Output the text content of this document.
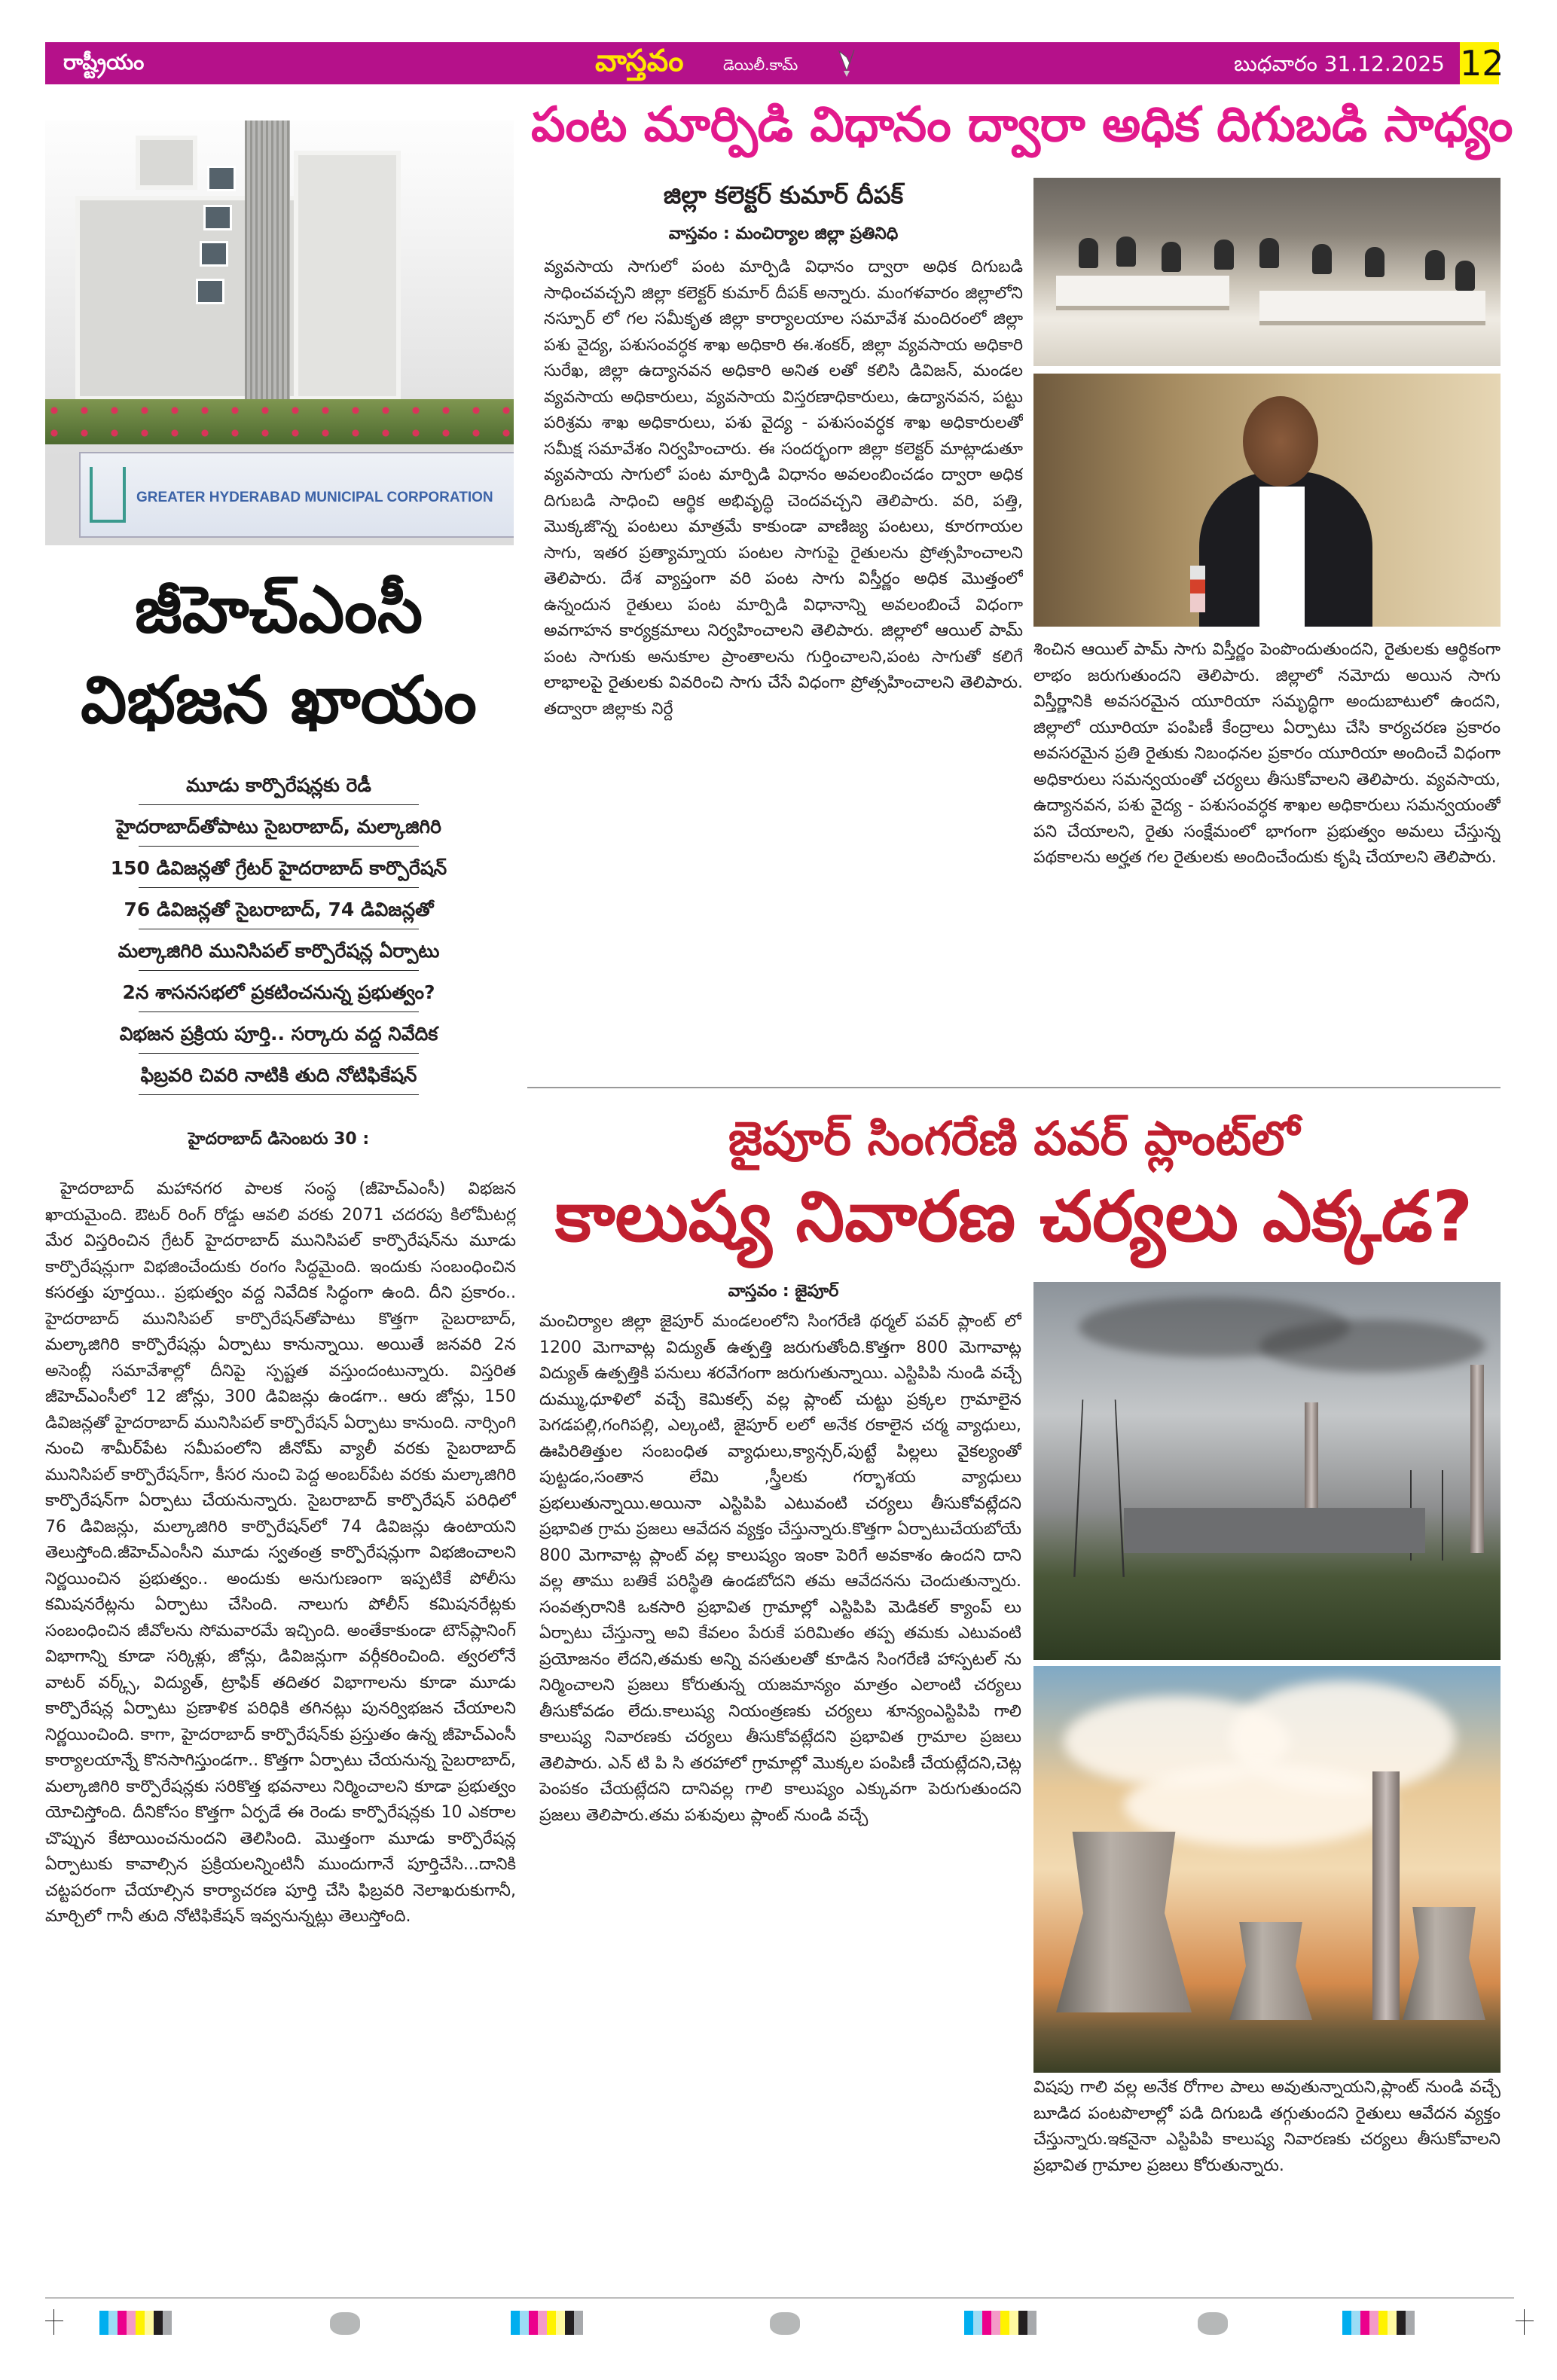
రాష్ట్రీయం	వాస్తవం	డెయిలీ.కామ్	బుధవారం 31.12.2025 12
పంట మార్పిడి విధానం ద్వారా అధిక దిగుబడి సాధ్యం
GREATER HYDERABAD MUNICIPAL CORPORATION
జీహెచ్ఎంసీ
విభజన ఖాయం
మూడు కార్పొరేషన్లకు రెడీ
హైదరాబాద్‌తోపాటు సైబరాబాద్, మల్కాజిగిరి
150 డివిజన్లతో గ్రేటర్ హైదరాబాద్ కార్పొరేషన్
76 డివిజన్లతో సైబరాబాద్, 74 డివిజన్లతో
మల్కాజిగిరి మునిసిపల్ కార్పొరేషన్ల ఏర్పాటు
2న శాసనసభలో ప్రకటించనున్న ప్రభుత్వం?
విభజన ప్రక్రియ పూర్తి.. సర్కారు వద్ద నివేదిక
ఫిబ్రవరి చివరి నాటికి తుది నోటిఫికేషన్
హైదరాబాద్ డిసెంబరు 30 :
హైదరాబాద్ మహానగర పాలక సంస్థ (జీహెచ్ఎంసీ) విభజన ఖాయమైంది. ఔటర్ రింగ్ రోడ్డు ఆవలి వరకు 2071 చదరపు కిలోమీటర్ల మేర విస్తరించిన గ్రేటర్ హైదరాబాద్ మునిసిపల్ కార్పొరేషన్‌ను మూడు కార్పొరేషన్లుగా విభజించేందుకు రంగం సిద్ధమైంది. ఇందుకు సంబంధించిన కసరత్తు పూర్తయి.. ప్రభుత్వం వద్ద నివేదిక సిద్ధంగా ఉంది. దీని ప్రకారం.. హైదరాబాద్ మునిసిపల్ కార్పొరేషన్‌తోపాటు కొత్తగా సైబరాబాద్, మల్కాజిగిరి కార్పొరేషన్లు ఏర్పాటు కానున్నాయి. అయితే జనవరి 2న అసెంబ్లీ సమావేశాల్లో దీనిపై స్పష్టత వస్తుందంటున్నారు. విస్తరిత జీహెచ్ఎంసీలో 12 జోన్లు, 300 డివిజన్లు ఉండగా.. ఆరు జోన్లు, 150 డివిజన్లతో హైదరాబాద్ మునిసిపల్ కార్పొరేషన్ ఏర్పాటు కానుంది. నార్సింగి నుంచి శామీర్‌పేట సమీపంలోని జీనోమ్ వ్యాలీ వరకు సైబరాబాద్ మునిసిపల్ కార్పొరేషన్‌గా, కీసర నుంచి పెద్ద అంబర్‌పేట వరకు మల్కాజిగిరి కార్పొరేషన్‌గా ఏర్పాటు చేయనున్నారు. సైబరాబాద్ కార్పొరేషన్ పరిధిలో 76 డివిజన్లు, మల్కాజిగిరి కార్పొరేషన్‌లో 74 డివిజన్లు ఉంటాయని తెలుస్తోంది.జీహెచ్ఎంసీని మూడు స్వతంత్ర కార్పొరేషన్లుగా విభజించాలని నిర్ణయించిన ప్రభుత్వం.. అందుకు అనుగుణంగా ఇప్పటికే పోలీసు కమిషనరేట్లను ఏర్పాటు చేసింది. నాలుగు పోలీస్ కమిషనరేట్లకు సంబంధించిన జీవోలను సోమవారమే ఇచ్చింది. అంతేకాకుండా టౌన్‌ప్లానింగ్ విభాగాన్ని కూడా సర్కిళ్లు, జోన్లు, డివిజన్లుగా వర్గీకరించింది. త్వరలోనే వాటర్ వర్క్స్, విద్యుత్, ట్రాఫిక్ తదితర విభాగాలను కూడా మూడు కార్పొరేషన్ల ఏర్పాటు ప్రణాళిక పరిధికి తగినట్లు పునర్విభజన చేయాలని నిర్ణయించింది. కాగా, హైదరాబాద్ కార్పొరేషన్‌కు ప్రస్తుతం ఉన్న జీహెచ్ఎంసీ కార్యాలయాన్నే కొనసాగిస్తుండగా.. కొత్తగా ఏర్పాటు చేయనున్న సైబరాబాద్, మల్కాజిగిరి కార్పొరేషన్లకు సరికొత్త భవనాలు నిర్మించాలని కూడా ప్రభుత్వం యోచిస్తోంది. దీనికోసం కొత్తగా ఏర్పడే ఈ రెండు కార్పొరేషన్లకు 10 ఎకరాల చొప్పున కేటాయించనుందని తెలిసింది. మొత్తంగా మూడు కార్పొరేషన్ల ఏర్పాటుకు కావాల్సిన ప్రక్రియలన్నింటినీ ముందుగానే పూర్తిచేసి...దానికి చట్టపరంగా చేయాల్సిన కార్యాచరణ పూర్తి చేసి ఫిబ్రవరి నెలాఖరుకుగానీ, మార్చిలో గానీ తుది నోటిఫికేషన్ ఇవ్వనున్నట్లు తెలుస్తోంది.
జిల్లా కలెక్టర్ కుమార్ దీపక్
వాస్తవం : మంచిర్యాల జిల్లా ప్రతినిధి
వ్యవసాయ సాగులో పంట మార్పిడి విధానం ద్వారా అధిక దిగుబడి సాధించవచ్చని జిల్లా కలెక్టర్ కుమార్ దీపక్ అన్నారు. మంగళవారం జిల్లాలోని నస్పూర్ లో గల సమీకృత జిల్లా కార్యాలయాల సమావేశ మందిరంలో జిల్లా పశు వైద్య, పశుసంవర్ధక శాఖ అధికారి ఈ.శంకర్, జిల్లా వ్యవసాయ అధికారి సురేఖ, జిల్లా ఉద్యానవన అధికారి అనిత లతో కలిసి డివిజన్, మండల వ్యవసాయ అధికారులు, వ్యవసాయ విస్తరణాధికారులు, ఉద్యానవన, పట్టు పరిశ్రమ శాఖ అధికారులు, పశు వైద్య - పశుసంవర్ధక శాఖ అధికారులతో సమీక్ష సమావేశం నిర్వహించారు. ఈ సందర్భంగా జిల్లా కలెక్టర్ మాట్లాడుతూ వ్యవసాయ సాగులో పంట మార్పిడి విధానం అవలంబించడం ద్వారా అధిక దిగుబడి సాధించి ఆర్థిక అభివృద్ధి చెందవచ్చని తెలిపారు. వరి, పత్తి, మొక్కజొన్న పంటలు మాత్రమే కాకుండా వాణిజ్య పంటలు, కూరగాయల సాగు, ఇతర ప్రత్యామ్నాయ పంటల సాగుపై రైతులను ప్రోత్సహించాలని తెలిపారు. దేశ వ్యాప్తంగా వరి పంట సాగు విస్తీర్ణం అధిక మొత్తంలో ఉన్నందున రైతులు పంట మార్పిడి విధానాన్ని అవలంబించే విధంగా అవగాహన కార్యక్రమాలు నిర్వహించాలని తెలిపారు. జిల్లాలో ఆయిల్ పామ్ పంట సాగుకు అనుకూల ప్రాంతాలను గుర్తించాలని,పంట సాగుతో కలిగే లాభాలపై రైతులకు వివరించి సాగు చేసే విధంగా ప్రోత్సహించాలని తెలిపారు. తద్వారా జిల్లాకు నిర్దే
శించిన ఆయిల్ పామ్ సాగు విస్తీర్ణం పెంపొందుతుందని, రైతులకు ఆర్థికంగా లాభం జరుగుతుందని తెలిపారు. జిల్లాలో నమోదు అయిన సాగు విస్తీర్ణానికి అవసరమైన యూరియా సమృద్ధిగా అందుబాటులో ఉందని, జిల్లాలో యూరియా పంపిణీ కేంద్రాలు ఏర్పాటు చేసి కార్యచరణ ప్రకారం అవసరమైన ప్రతి రైతుకు నిబంధనల ప్రకారం యూరియా అందించే విధంగా అధికారులు సమన్వయంతో చర్యలు తీసుకోవాలని తెలిపారు. వ్యవసాయ, ఉద్యానవన, పశు వైద్య - పశుసంవర్ధక శాఖల అధికారులు సమన్వయంతో పని చేయాలని, రైతు సంక్షేమంలో భాగంగా ప్రభుత్వం అమలు చేస్తున్న పథకాలను అర్హత గల రైతులకు అందించేందుకు కృషి చేయాలని తెలిపారు.
జైపూర్ సింగరేణి పవర్ ప్లాంట్‌లో
కాలుష్య నివారణ చర్యలు ఎక్కడ?
వాస్తవం : జైపూర్
మంచిర్యాల జిల్లా జైపూర్ మండలంలోని సింగరేణి థర్మల్ పవర్ ప్లాంట్ లో 1200 మెగావాట్ల విద్యుత్ ఉత్పత్తి జరుగుతోంది.కొత్తగా 800 మెగావాట్ల విద్యుత్ ఉత్పత్తికి పనులు శరవేగంగా జరుగుతున్నాయి. ఎస్టిపిపి నుండి వచ్చే దుమ్ము,ధూళిలో వచ్చే కెమికల్స్ వల్ల ప్లాంట్ చుట్టు ప్రక్కల గ్రామాలైన పెగడపల్లి,గంగిపల్లి, ఎల్కంటి, జైపూర్ లలో అనేక రకాలైన చర్మ వ్యాధులు, ఊపిరితిత్తుల సంబంధిత వ్యాధులు,క్యాన్సర్,పుట్టే పిల్లలు వైకల్యంతో పుట్టడం,సంతాన లేమి ,స్త్రీలకు గర్భాశయ వ్యాధులు ప్రభలుతున్నాయి.అయినా ఎస్టిపిపి ఎటువంటి చర్యలు తీసుకోవట్లేదని ప్రభావిత గ్రామ ప్రజలు ఆవేదన వ్యక్తం చేస్తున్నారు.కొత్తగా ఏర్పాటుచేయబోయే 800 మెగావాట్ల ప్లాంట్ వల్ల కాలుష్యం ఇంకా పెరిగే అవకాశం ఉందని దాని వల్ల తాము బతికే పరిస్థితి ఉండబోదని తమ ఆవేదనను చెందుతున్నారు. సంవత్సరానికి ఒకసారి ప్రభావిత గ్రామాల్లో ఎస్టిపిపి మెడికల్ క్యాంప్ లు ఏర్పాటు చేస్తున్నా అవి కేవలం పేరుకే పరిమితం తప్ప తమకు ఎటువంటి ప్రయోజనం లేదని,తమకు అన్ని వసతులతో కూడిన సింగరేణి హాస్పటల్ ను నిర్మించాలని ప్రజలు కోరుతున్న యజమాన్యం మాత్రం ఎలాంటి చర్యలు తీసుకోవడం లేదు.కాలుష్య నియంత్రణకు చర్యలు శూన్యంఎస్టిపిపి గాలి కాలుష్య నివారణకు చర్యలు తీసుకోవట్లేదని ప్రభావిత గ్రామాల ప్రజలు తెలిపారు. ఎన్ టి పి సి తరహాలో గ్రామాల్లో మొక్కల పంపిణీ చేయట్లేదని,చెట్ల పెంపకం చేయట్లేదని దానివల్ల గాలి కాలుష్యం ఎక్కువగా పెరుగుతుందని ప్రజలు తెలిపారు.తమ పశువులు ప్లాంట్ నుండి వచ్చే
విషపు గాలి వల్ల అనేక రోగాల పాలు అవుతున్నాయని,ప్లాంట్ నుండి వచ్చే బూడిద పంటపొలాల్లో పడి దిగుబడి తగ్గుతుందని రైతులు ఆవేదన వ్యక్తం చేస్తున్నారు.ఇకనైనా ఎస్టిపిపి కాలుష్య నివారణకు చర్యలు తీసుకోవాలని ప్రభావిత గ్రామాల ప్రజలు కోరుతున్నారు.
